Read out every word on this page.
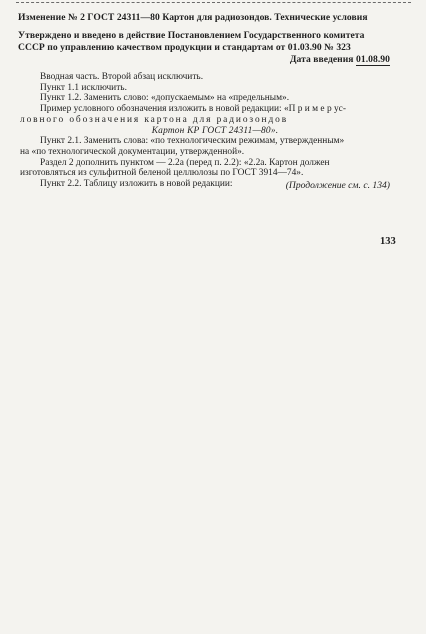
Изменение № 2 ГОСТ 24311—80 Картон для радиозондов. Технические условия
Утверждено и введено в действие Постановлением Государственного комитета
СССР по управлению качеством продукции и стандартам от 01.03.90 № 323
Дата введения 01.08.90

Вводная часть. Второй абзац исключить.

Пункт 1.1 исключить.

Пункт 1.2. Заменить слово: «допускаемым» на «предельным».

Пример условного обозначения изложить в новой редакции: «П р и м е р ус-

ловного обозначения картона для радиозондов

Картон КР ГОСТ 24311—80».

Пункт 2.1. Заменить слова: «по технологическим режимам, утвержденным»

на «по технологической документации, утвержденной».

Раздел 2 дополнить пунктом — 2.2а (перед п. 2.2): «2.2а. Картон должен

изготовляться из сульфитной беленой целлюлозы по ГОСТ 3914—74».

Пункт 2.2. Таблицу изложить в новой редакции:	(Продолжение см. с. 134)
133
